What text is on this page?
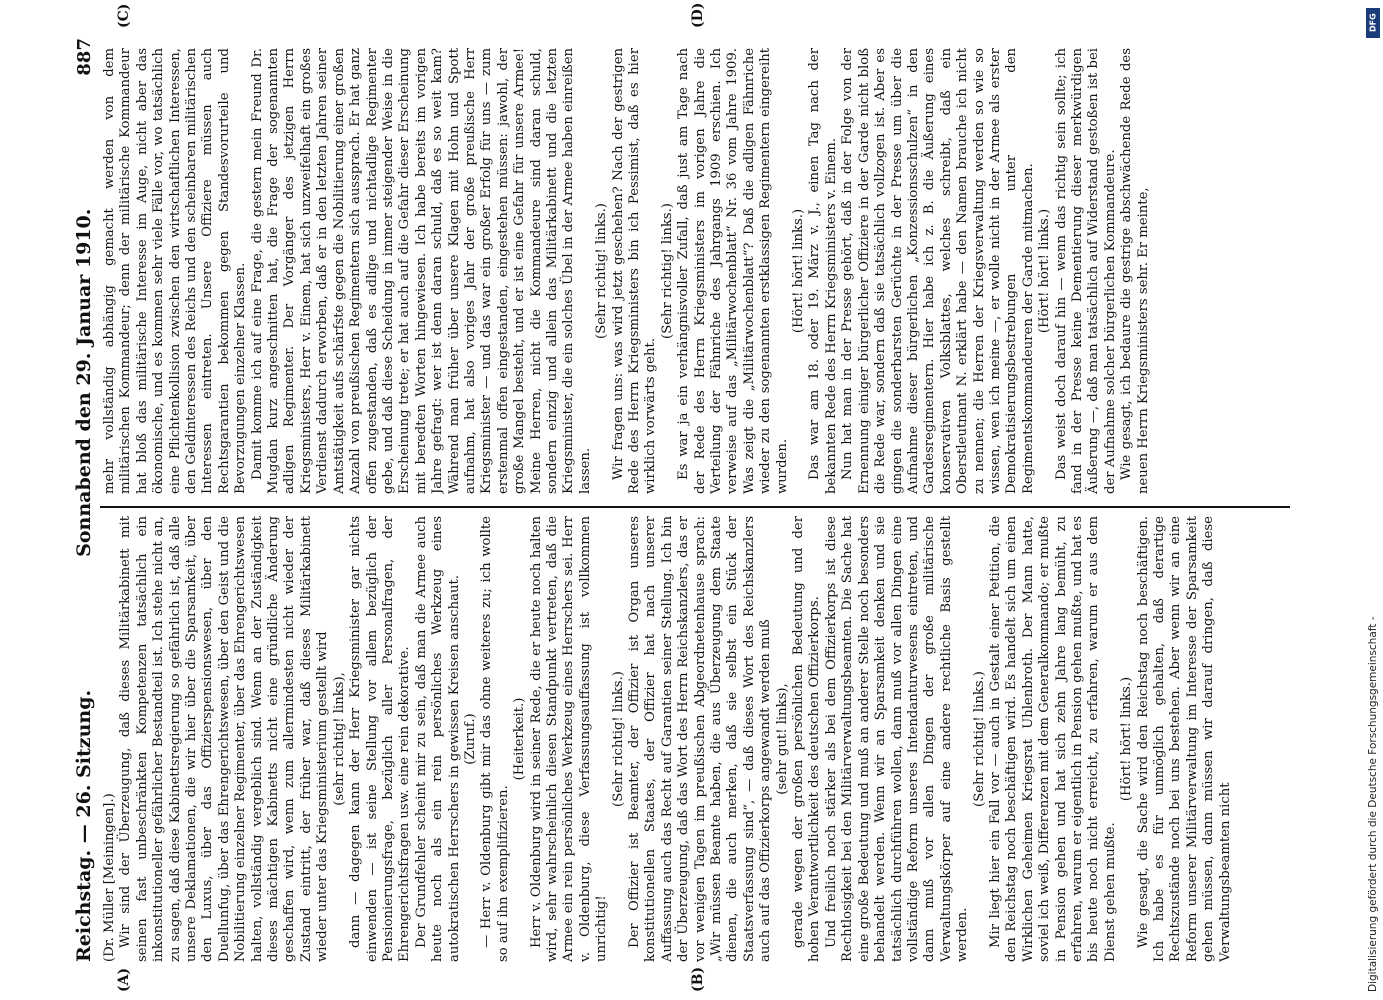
Reichstag. — 26. Sitzung.
Sonnabend den 29. Januar 1910.
887
(A)	(B)
(C)	(D)

(Dr. Müller [Meiningen].) Wir sind der Überzeugung, daß dieses Militärkabinett mit seinen fast unbeschränkten Kompetenzen tatsächlich ein inkonstitutioneller gefährlicher Bestandteil ist. Ich stehe nicht an, zu sagen, daß diese Kabinettsregierung so gefährlich ist, daß alle unsere Deklamationen, die wir hier über die Sparsamkeit, über den Luxus, über das Offizierspensionswesen, über den Duellunfug, über das Ehrengerichtswesen, über den Geist und die Nobilitierung einzelner Regimenter, über das Ehrengerichtswesen halten, vollständig vergeblich sind. Wenn an der Zuständigkeit dieses mächtigen Kabinetts nicht eine gründliche Änderung geschaffen wird, wenn zum allermindesten nicht wieder der Zustand eintritt, der früher war, daß dieses Militärkabinett wieder unter das Kriegsministerium gestellt wird (sehr richtig! links), dann — dagegen kann der Herr Kriegsminister gar nichts einwenden — ist seine Stellung vor allem bezüglich der Pensionierungsfrage, bezüglich aller Personalfragen, der Ehrengerichtsfragen usw. eine rein dekorative. Der Grundfehler scheint mir zu sein, daß man die Armee auch heute noch als ein rein persönliches Werkzeug eines autokratischen Herrschers in gewissen Kreisen anschaut. (Zuruf.) — Herr v. Oldenburg gibt mir das ohne weiteres zu; ich wollte so auf ihn exemplifizieren.

(Heiterkeit.) Herr v. Oldenburg wird in seiner Rede, die er heute noch halten wird, sehr wahrscheinlich diesen Standpunkt vertreten, daß die Armee ein rein persönliches Werkzeug eines Herrschers sei. Herr v. Oldenburg, diese Verfassungsauffassung ist vollkommen unrichtig!

(Sehr richtig! links.) Der Offizier ist Beamter, der Offizier ist Organ unseres konstitutionellen Staates, der Offizier hat nach unserer Auffassung auch das Recht auf Garantien seiner Stellung. Ich bin der Überzeugung, daß das Wort des Herrn Reichskanzlers, das er vor wenigen Tagen im preußischen Abgeordnetenhause sprach: „Wir müssen Beamte haben, die aus Überzeugung dem Staate dienen, die auch merken, daß sie selbst ein Stück der Staatsverfassung sind“, — daß dieses Wort des Reichskanzlers auch auf das Offizierkorps angewandt werden muß (sehr gut! links), gerade wegen der großen persönlichen Bedeutung und der hohen Verantwortlichkeit des deutschen Offizierkorps. Und freilich noch stärker als bei dem Offizierkorps ist diese Rechtlosigkeit bei den Militärverwaltungsbeamten. Die Sache hat eine große Bedeutung und muß an anderer Stelle noch besonders behandelt werden. Wenn wir an Sparsamkeit denken und sie tatsächlich durchführen wollen, dann muß vor allen Dingen eine vollständige Reform unseres Intendanturwesens eintreten, und dann muß vor allen Dingen der große militärische Verwaltungskörper auf eine andere rechtliche Basis gestellt werden.

(Sehr richtig! links.) Mir liegt hier ein Fall vor — auch in Gestalt einer Petition, die den Reichstag noch beschäftigen wird. Es handelt sich um einen Wirklichen Geheimen Kriegsrat Uhlenbroth. Der Mann hatte, soviel ich weiß, Differenzen mit dem Generalkommando; er mußte in Pension gehen und hat sich zehn Jahre lang bemüht, zu erfahren, warum er eigentlich in Pension gehen mußte, und hat es bis heute noch nicht erreicht, zu erfahren, warum er aus dem Dienst gehen mußte.

(Hört! hört! links.) Wie gesagt, die Sache wird den Reichstag noch beschäftigen. Ich habe es für unmöglich gehalten, daß derartige Rechtszustände noch bei uns bestehen. Aber wenn wir an eine Reform unserer Militärverwaltung im Interesse der Sparsamkeit gehen müssen, dann müssen wir darauf dringen, daß diese Verwaltungsbeamten nicht

mehr vollständig abhängig gemacht werden von dem militärischen Kommandeur; denn der militärische Kommandeur hat bloß das militärische Interesse im Auge, nicht aber das ökonomische, und es kommen sehr viele Fälle vor, wo tatsächlich eine Pflichtenkollision zwischen den wirtschaftlichen Interessen, den Geldinteressen des Reichs und den scheinbaren militärischen Interessen eintreten. Unsere Offiziere müssen auch Rechtsgarantien bekommen gegen Standesvorurteile und Bevorzugungen einzelner Klassen. Damit komme ich auf eine Frage, die gestern mein Freund Dr. Mugdan kurz angeschnitten hat, die Frage der sogenannten adligen Regimenter. Der Vorgänger des jetzigen Herrn Kriegsministers, Herr v. Einem, hat sich unzweifelhaft ein großes Verdienst dadurch erworben, daß er in den letzten Jahren seiner Amtstätigkeit aufs schärfste gegen die Nobilitierung einer großen Anzahl von preußischen Regimentern sich aussprach. Er hat ganz offen zugestanden, daß es adlige und nichtadlige Regimenter gebe, und daß diese Scheidung in immer steigender Weise in die Erscheinung trete; er hat auch auf die Gefahr dieser Erscheinung mit beredten Worten hingewiesen. Ich habe bereits im vorigen Jahre gefragt: wer ist denn daran schuld, daß es so weit kam? Während man früher über unsere Klagen mit Hohn und Spott aufnahm, hat also voriges Jahr der große preußische Herr Kriegsminister — und das war ein großer Erfolg für uns — zum erstenmal offen eingestanden, eingestehen müssen: jawohl, der große Mangel besteht, und er ist eine Gefahr für unsere Armee! Meine Herren, nicht die Kommandeure sind daran schuld, sondern einzig und allein das Militärkabinett und die letzten Kriegsminister, die ein solches Übel in der Armee haben einreißen lassen.

(Sehr richtig! links.) Wir fragen uns: was wird jetzt geschehen? Nach der gestrigen Rede des Herrn Kriegsministers bin ich Pessimist, daß es hier wirklich vorwärts geht.

(Sehr richtig! links.) Es war ja ein verhängnisvoller Zufall, daß just am Tage nach der Rede des Herrn Kriegsministers im vorigen Jahre die Verteilung der Fähnriche des Jahrgangs 1909 erschien. Ich verweise auf das „Militärwochenblatt“ Nr. 36 vom Jahre 1909. Was zeigt die „Militärwochenblatt“? Daß die adligen Fähnriche wieder zu den sogenannten erstklassigen Regimentern eingereiht wurden.

(Hört! hört! links.) Das war am 18. oder 19. März v. J., einen Tag nach der bekannten Rede des Herrn Kriegsministers v. Einem. Nun hat man in der Presse gehört, daß in der Folge von der Ernennung einiger bürgerlicher Offiziere in der Garde nicht bloß die Rede war, sondern daß sie tatsächlich vollzogen ist. Aber es gingen die sonderbarsten Gerüchte in der Presse um über die Aufnahme dieser bürgerlichen „Konzessionsschulzen“ in den Gardesregimentern. Hier habe ich z. B. die Äußerung eines konservativen Volksblattes, welches schreibt, daß ein Oberstleutnant N. erklärt habe — den Namen brauche ich nicht zu nennen; die Herren der Kriegsverwaltung werden so wie so wissen, wen ich meine —, er wolle nicht in der Armee als erster Demokratisierungsbestrebungen unter den Regimentskommandeuren der Garde mitmachen. (Hört! hört! links.) Das weist doch darauf hin — wenn das richtig sein sollte; ich fand in der Presse keine Dementierung dieser merkwürdigen Äußerung —, daß man tatsächlich auf Widerstand gestoßen ist bei der Aufnahme solcher bürgerlichen Kommandeure. Wie gesagt, ich bedaure die gestrige abschwächende Rede des neuen Herrn Kriegsministers sehr. Er meinte,

Digitalisierung gefördert durch die Deutsche Forschungsgemeinschaft -
DFG
